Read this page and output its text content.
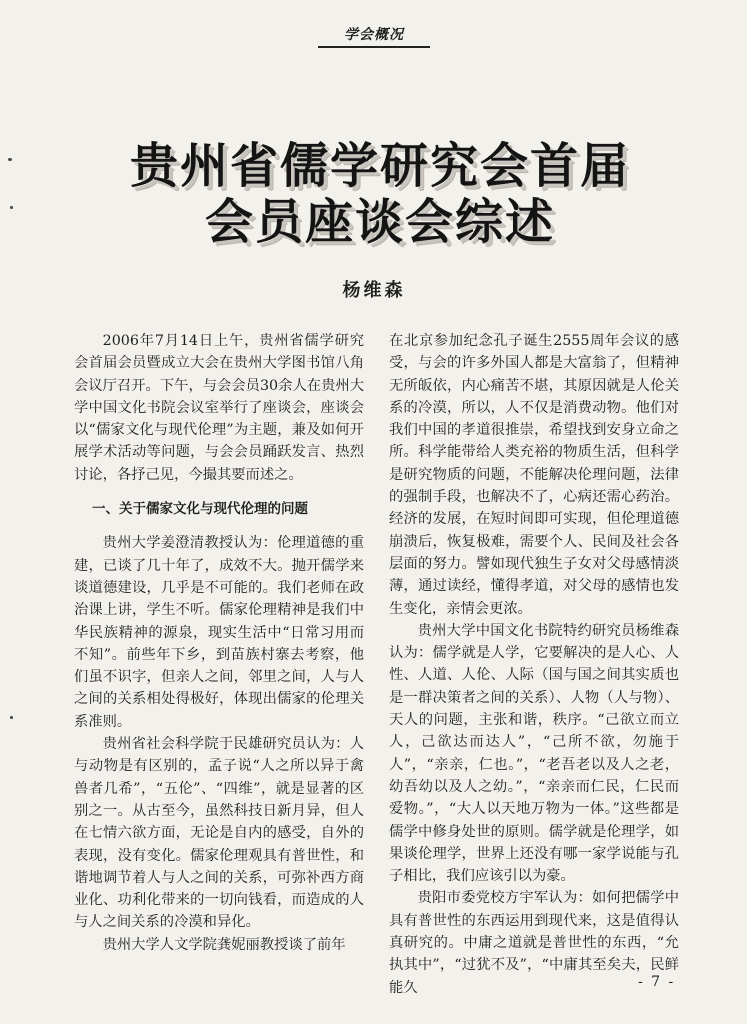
学会概况
贵州省儒学研究会首届
会员座谈会综述
杨维森

2006年7月14日上午，贵州省儒学研究会首届会员暨成立大会在贵州大学图书馆八角会议厅召开。下午，与会会员30余人在贵州大学中国文化书院会议室举行了座谈会，座谈会以“儒家文化与现代伦理”为主题，兼及如何开展学术活动等问题，与会会员踊跃发言、热烈讨论，各抒己见，今撮其要而述之。

一、关于儒家文化与现代伦理的问题

贵州大学姜澄清教授认为：伦理道德的重建，已谈了几十年了，成效不大。抛开儒学来谈道德建设，几乎是不可能的。我们老师在政治课上讲，学生不听。儒家伦理精神是我们中华民族精神的源泉，现实生活中“日常习用而不知”。前些年下乡，到苗族村寨去考察，他们虽不识字，但亲人之间，邻里之间，人与人之间的关系相处得极好，体现出儒家的伦理关系准则。

贵州省社会科学院于民雄研究员认为：人与动物是有区别的，孟子说“人之所以异于禽兽者几希”，“五伦”、“四维”，就是显著的区别之一。从古至今，虽然科技日新月异，但人在七情六欲方面，无论是自内的感受，自外的表现，没有变化。儒家伦理观具有普世性，和谐地调节着人与人之间的关系，可弥补西方商业化、功利化带来的一切向钱看，而造成的人与人之间关系的冷漠和异化。

贵州大学人文学院龚妮丽教授谈了前年

在北京参加纪念孔子诞生2555周年会议的感受，与会的许多外国人都是大富翁了，但精神无所皈依，内心痛苦不堪，其原因就是人伦关系的冷漠，所以，人不仅是消费动物。他们对我们中国的孝道很推崇，希望找到安身立命之所。科学能带给人类充裕的物质生活，但科学是研究物质的问题，不能解决伦理问题，法律的强制手段，也解决不了，心病还需心药治。经济的发展，在短时间即可实现，但伦理道德崩溃后，恢复极难，需要个人、民间及社会各层面的努力。譬如现代独生子女对父母感情淡薄，通过读经，懂得孝道，对父母的感情也发生变化，亲情会更浓。

贵州大学中国文化书院特约研究员杨维森认为：儒学就是人学，它要解决的是人心、人性、人道、人伦、人际（国与国之间其实质也是一群决策者之间的关系）、人物（人与物）、天人的问题，主张和谐，秩序。“己欲立而立人，己欲达而达人”，“己所不欲，勿施于人”，“亲亲，仁也。”，“老吾老以及人之老，幼吾幼以及人之幼。”，“亲亲而仁民，仁民而爱物。”，“大人以天地万物为一体。”这些都是儒学中修身处世的原则。儒学就是伦理学，如果谈伦理学，世界上还没有哪一家学说能与孔子相比，我们应该引以为豪。

贵阳市委党校方宇军认为：如何把儒学中具有普世性的东西运用到现代来，这是值得认真研究的。中庸之道就是普世性的东西，“允执其中”，“过犹不及”，“中庸其至矣夫，民鲜能久	- 7 -
